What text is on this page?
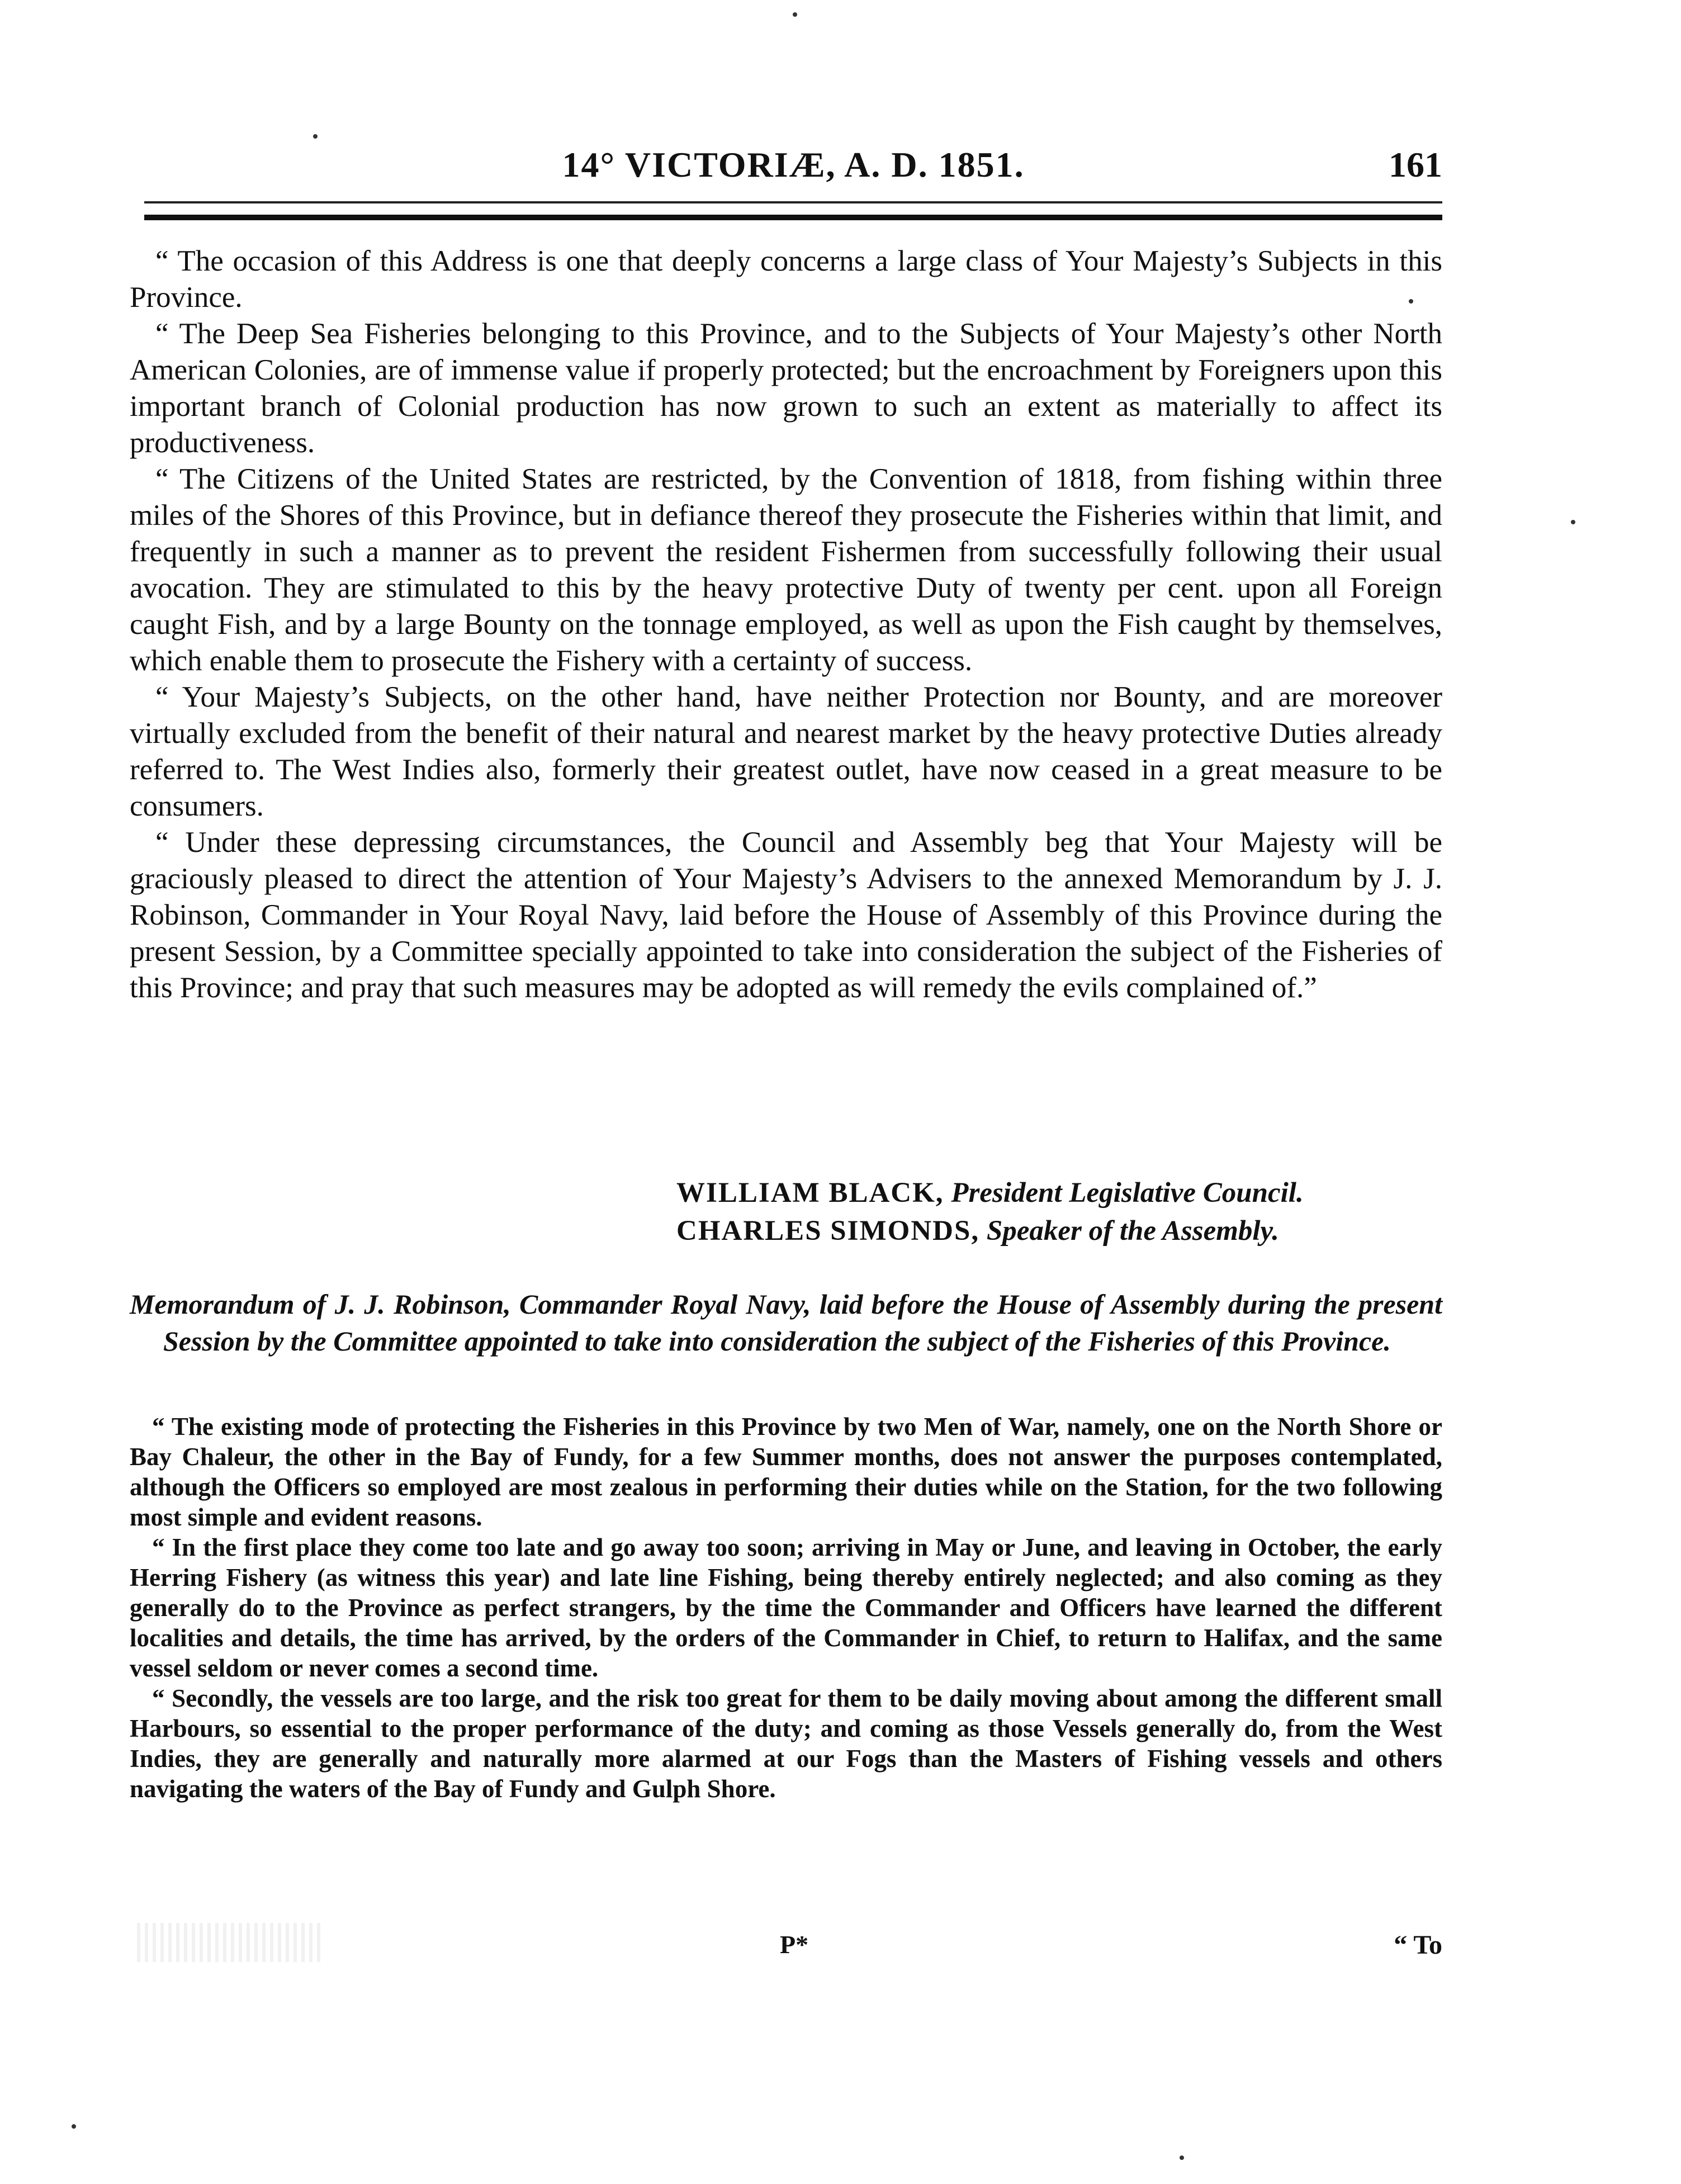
14° VICTORIÆ, A. D. 1851.	161

“ The occasion of this Address is one that deeply concerns a large class of Your Majesty’s Subjects in this Province.

“ The Deep Sea Fisheries belonging to this Province, and to the Subjects of Your Majesty’s other North American Colonies, are of immense value if properly protected; but the encroachment by Foreigners upon this important branch of Colonial production has now grown to such an extent as materially to affect its productiveness.

“ The Citizens of the United States are restricted, by the Convention of 1818, from fishing within three miles of the Shores of this Province, but in defiance thereof they prosecute the Fisheries within that limit, and frequently in such a manner as to prevent the resident Fishermen from successfully following their usual avocation. They are stimulated to this by the heavy protective Duty of twenty per cent. upon all Foreign caught Fish, and by a large Bounty on the tonnage employed, as well as upon the Fish caught by themselves, which enable them to prosecute the Fishery with a certainty of success.

“ Your Majesty’s Subjects, on the other hand, have neither Protection nor Bounty, and are moreover virtually excluded from the benefit of their natural and nearest market by the heavy protective Duties already referred to. The West Indies also, formerly their greatest outlet, have now ceased in a great measure to be consumers.

“ Under these depressing circumstances, the Council and Assembly beg that Your Majesty will be graciously pleased to direct the attention of Your Majesty’s Advisers to the annexed Memorandum by J. J. Robinson, Commander in Your Royal Navy, laid before the House of Assembly of this Province during the present Session, by a Committee specially appointed to take into consideration the subject of the Fisheries of this Province; and pray that such measures may be adopted as will remedy the evils complained of.”

WILLIAM BLACK, President Legislative Council.
CHARLES SIMONDS, Speaker of the Assembly.
Memorandum of J. J. Robinson, Commander Royal Navy, laid before the House of Assembly during the present Session by the Committee appointed to take into consideration the subject of the Fisheries of this Province.

“ The existing mode of protecting the Fisheries in this Province by two Men of War, namely, one on the North Shore or Bay Chaleur, the other in the Bay of Fundy, for a few Summer months, does not answer the purposes contemplated, although the Officers so employed are most zealous in performing their duties while on the Station, for the two following most simple and evident reasons.

“ In the first place they come too late and go away too soon; arriving in May or June, and leaving in October, the early Herring Fishery (as witness this year) and late line Fishing, being thereby entirely neglected; and also coming as they generally do to the Province as perfect strangers, by the time the Commander and Officers have learned the different localities and details, the time has arrived, by the orders of the Commander in Chief, to return to Halifax, and the same vessel seldom or never comes a second time.

“ Secondly, the vessels are too large, and the risk too great for them to be daily moving about among the different small Harbours, so essential to the proper performance of the duty; and coming as those Vessels generally do, from the West Indies, they are generally and naturally more alarmed at our Fogs than the Masters of Fishing vessels and others navigating the waters of the Bay of Fundy and Gulph Shore.

P*	“ To
